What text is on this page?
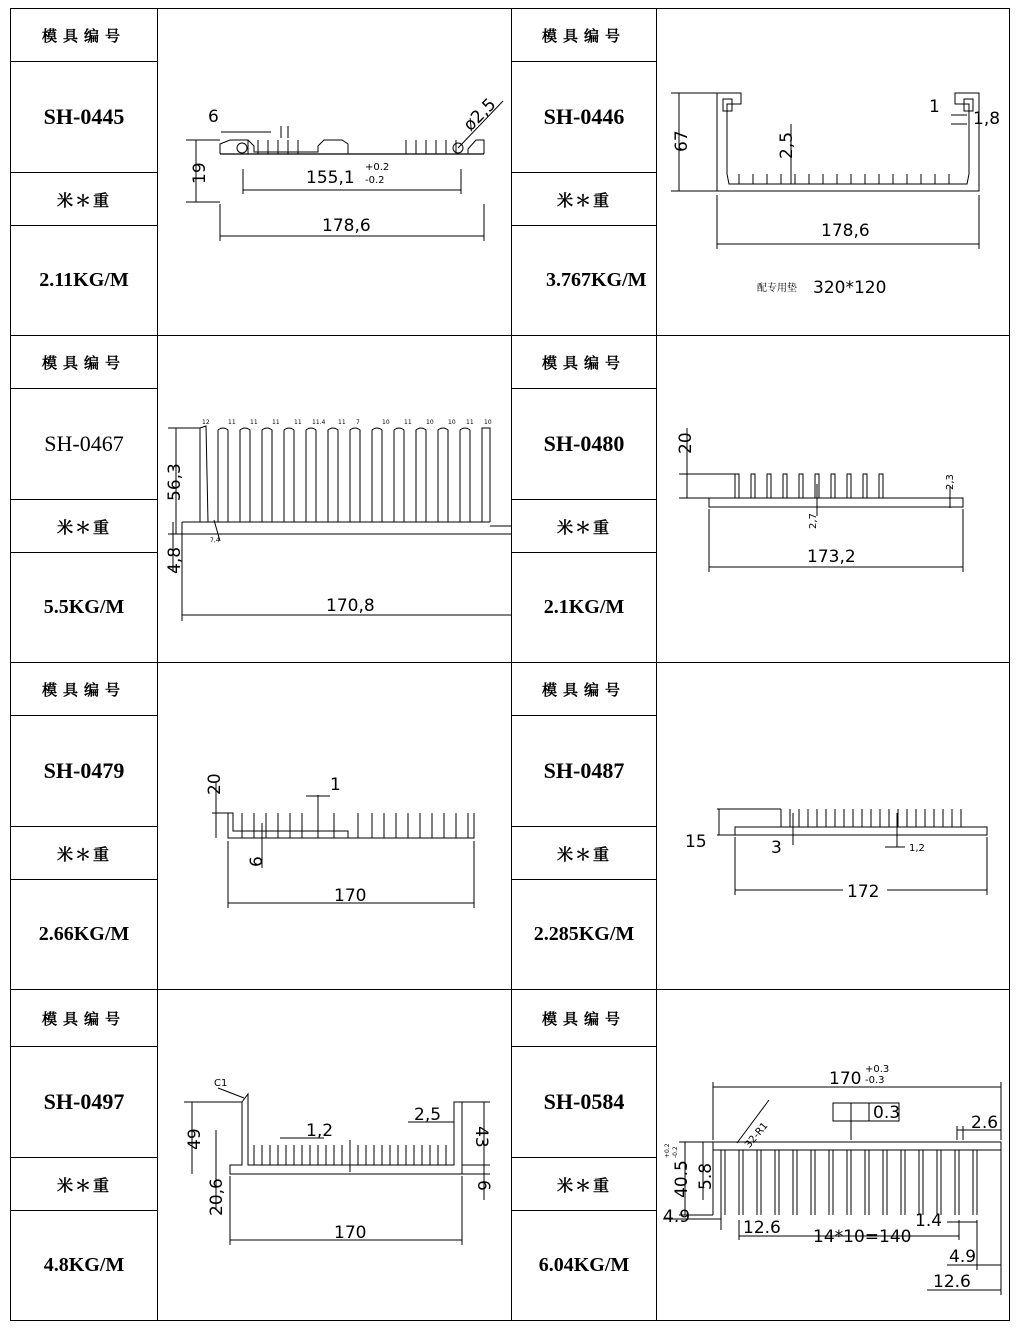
模具编号
SH-0445
米＊重
2.11KG/M
6	ø2,5
19	155,1
+0.2
-0.2
178,6
模具编号
SH-0446
米＊重
3.767KG/M
67	2,5
1
1,8
178,6
配专用垫 320*120
模具编号
SH-0467
米＊重
5.5KG/M
12	11 11 11 11 11.4 11 7	10 11 10 10 11 10
56,3
4,8
7,4
170,8
模具编号
SH-0480
米＊重
2.1KG/M
20
2,3
2,7
173,2
模具编号
SH-0479
米＊重
2.66KG/M
20	1
6
170
模具编号
SH-0487
米＊重
2.285KG/M
15	3	1,2
172
模具编号
SH-0497
米＊重
4.8KG/M
C1
49	1,2
2,5
43
20,6	6
170
模具编号
SH-0584
米＊重
6.04KG/M
170 +0.3
-0.3
32-R1
0.3	2.6
40.5 5.8
4.9
12.6 14*10=140
1.4
4.9
12.6
+0.2 -0.2
